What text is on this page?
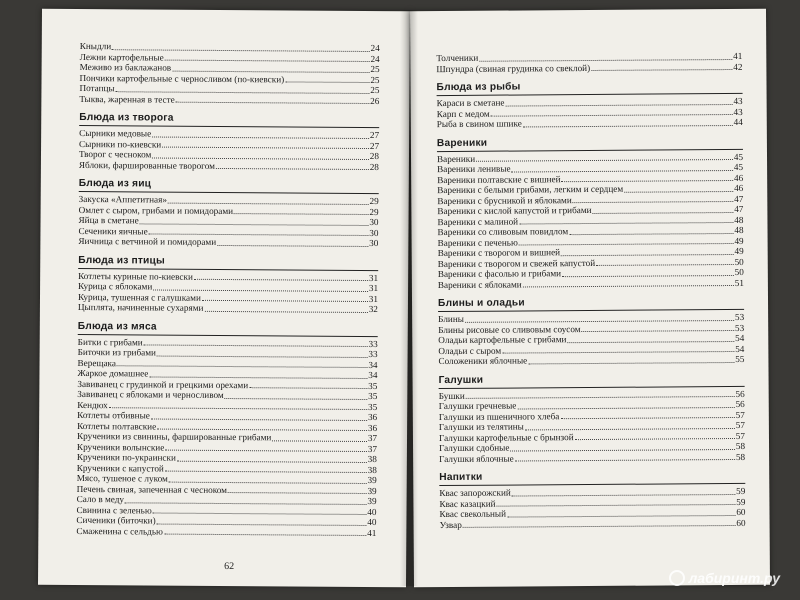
Кныдли	24
Лежни картофельные	24
Меживо из баклажанов	25
Пончики картофельные с черносливом (по-киевски)	25
Потапцы	25
Тыква, жаренная в тесте	26
Блюда из творога
Сырники медовые	27
Сырники по-киевски	27
Творог с чесноком	28
Яблоки, фаршированные творогом	28
Блюда из яиц
Закуска «Аппетитная»	29
Омлет с сыром, грибами и помидорами	29
Яйца в сметане	30
Сеченики яичные	30
Яичница с ветчиной и помидорами	30
Блюда из птицы
Котлеты куриные по-киевски	31
Курица с яблоками	31
Курица, тушенная с галушками	31
Цыплята, начиненные сухарями	32
Блюда из мяса
Битки с грибами	33
Биточки из грибами	33
Верещака	34
Жаркое домашнее	34
Завиванец с грудинкой и грецкими орехами	35
Завиванец с яблоками и черносливом	35
Кендюх	35
Котлеты отбивные	36
Котлеты полтавские	36
Крученики из свинины, фаршированные грибами	37
Крученики волынские	37
Крученики по-украински	38
Крученики с капустой	38
Мясо, тушеное с луком	39
Печень свиная, запеченная с чесноком	39
Сало в меду	39
Свинина с зеленью	40
Сиченики (биточки)	40
Смаженина с сельдью	41
62
Толченики	41
Шпундра (свиная грудинка со свеклой)	42
Блюда из рыбы
Караси в сметане	43
Карп с медом	43
Рыба в свином шпике	44
Вареники
Вареники	45
Вареники ленивые	45
Вареники полтавские с вишней	46
Вареники с белыми грибами, легким и сердцем	46
Вареники с брусникой и яблоками	47
Вареники с кислой капустой и грибами	47
Вареники с малиной	48
Вареники со сливовым повидлом	48
Вареники с печенью	49
Вареники с творогом и вишней	49
Вареники с творогом и свежей капустой	50
Вареники с фасолью и грибами	50
Вареники с яблоками	51
Блины и оладьи
Блины	53
Блины рисовые со сливовым соусом	53
Оладьи картофельные с грибами	54
Оладьи с сыром	54
Соложеники яблочные	55
Галушки
Бушки	56
Галушки гречневые	56
Галушки из пшеничного хлеба	57
Галушки из телятины	57
Галушки картофельные с брынзой	57
Галушки сдобные	58
Галушки яблочные	58
Напитки
Квас запорожский	59
Квас казацкий	59
Квас свекольный	60
Узвар	60
лабиринт.ру
